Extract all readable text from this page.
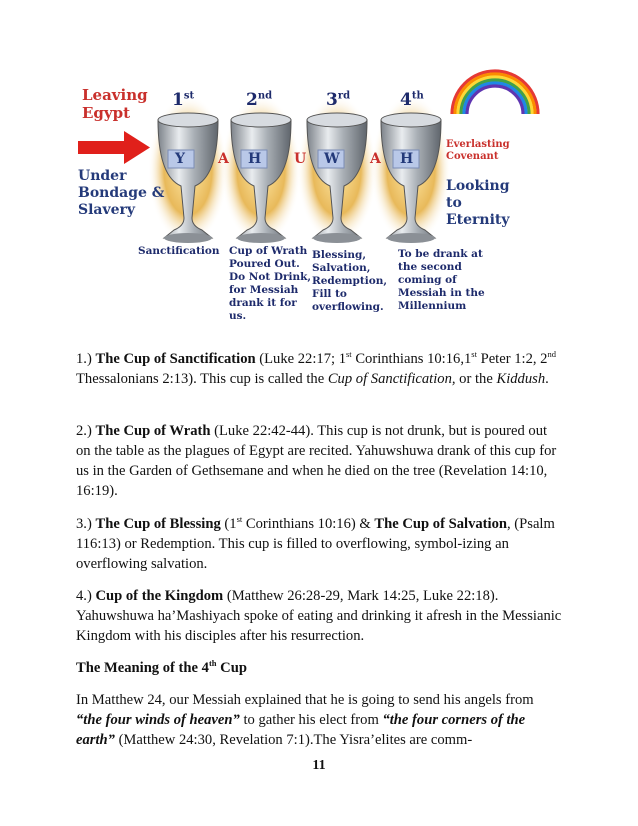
Leaving
Egypt
Under
Bondage &
Slavery
1st	2nd	3rd	4th
Y	H	W	H
A	U	A
Everlasting
Covenant
Looking
to
Eternity
Sanctification Cup of Wrath
Poured Out.
Do Not Drink,
for Messiah
drank it for
us.
Blessing,
Salvation,
Redemption,
Fill to
overflowing.
To be drank at
the second
coming of
Messiah in the
Millennium

1.) The Cup of Sanctification (Luke 22:17; 1st Corinthians 10:16,1st Peter 1:2, 2nd Thessalonians 2:13). This cup is called the Cup of Sanctification, or the Kiddush.

2.) The Cup of Wrath (Luke 22:42-44). This cup is not drunk, but is poured out on the table as the plagues of Egypt are recited. Yahuwshuwa drank of this cup for us in the Garden of Gethsemane and when he died on the tree (Revelation 14:10, 16:19).

3.) The Cup of Blessing (1st Corinthians 10:16) & The Cup of Salvation, (Psalm 116:13) or Redemption. This cup is filled to overflowing, symbol-izing an overflowing salvation.

4.) Cup of the Kingdom (Matthew 26:28-29, Mark 14:25, Luke 22:18). Yahuwshuwa ha’Mashiyach spoke of eating and drinking it afresh in the Messianic Kingdom with his disciples after his resurrection.

The Meaning of the 4th Cup

In Matthew 24, our Messiah explained that he is going to send his angels from “the four winds of heaven” to gather his elect from “the four corners of the earth” (Matthew 24:30, Revelation 7:1).The Yisra’elites are comm-

11
